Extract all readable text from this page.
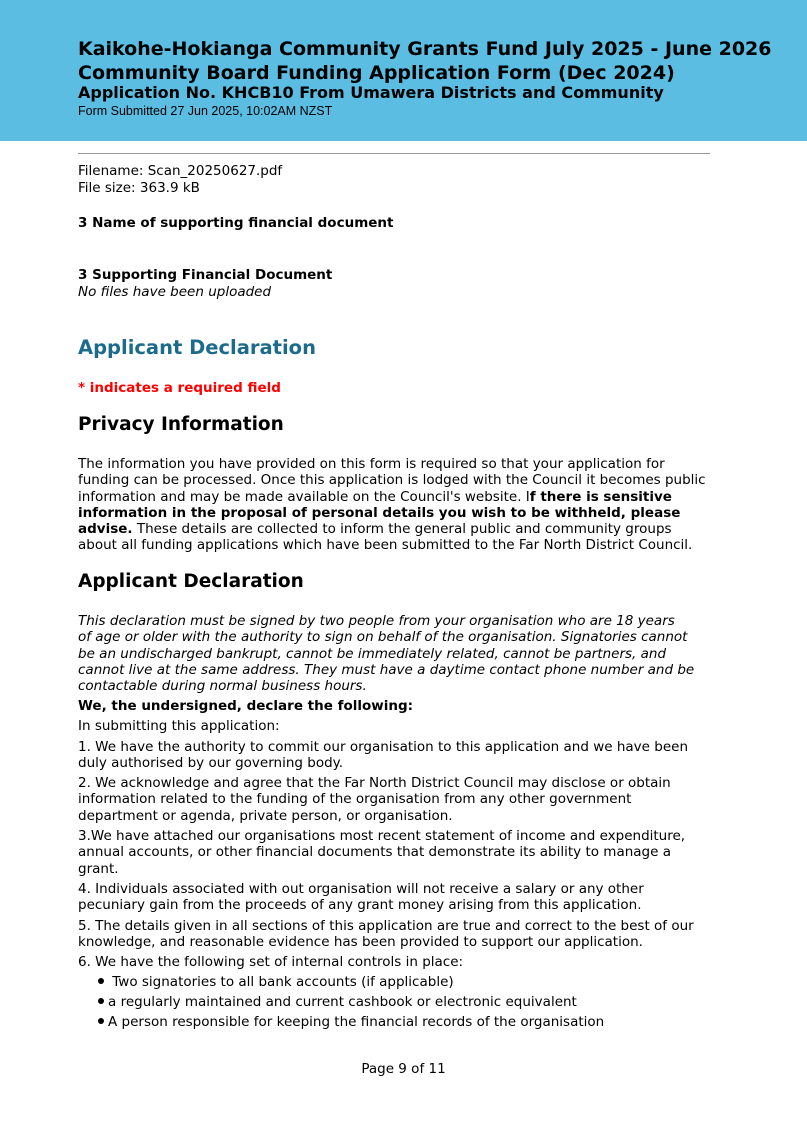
Kaikohe-Hokianga Community Grants Fund July 2025 - June 2026
Community Board Funding Application Form (Dec 2024)
Application No. KHCB10 From Umawera Districts and Community
Form Submitted 27 Jun 2025, 10:02AM NZST
Filename: Scan_20250627.pdf
File size: 363.9 kB
3 Name of supporting financial document
3 Supporting Financial Document
No files have been uploaded
Applicant Declaration
* indicates a required field
Privacy Information
The information you have provided on this form is required so that your application for
funding can be processed. Once this application is lodged with the Council it becomes public
information and may be made available on the Council's website. If there is sensitive
information in the proposal of personal details you wish to be withheld, please
advise. These details are collected to inform the general public and community groups
about all funding applications which have been submitted to the Far North District Council.
Applicant Declaration
This declaration must be signed by two people from your organisation who are 18 years
of age or older with the authority to sign on behalf of the organisation. Signatories cannot
be an undischarged bankrupt, cannot be immediately related, cannot be partners, and
cannot live at the same address. They must have a daytime contact phone number and be
contactable during normal business hours.
We, the undersigned, declare the following:
In submitting this application:
1. We have the authority to commit our organisation to this application and we have been
duly authorised by our governing body.
2. We acknowledge and agree that the Far North District Council may disclose or obtain
information related to the funding of the organisation from any other government
department or agenda, private person, or organisation.
3.We have attached our organisations most recent statement of income and expenditure,
annual accounts, or other financial documents that demonstrate its ability to manage a
grant.
4. Individuals associated with out organisation will not receive a salary or any other
pecuniary gain from the proceeds of any grant money arising from this application.
5. The details given in all sections of this application are true and correct to the best of our
knowledge, and reasonable evidence has been provided to support our application.
6. We have the following set of internal controls in place:
Two signatories to all bank accounts (if applicable)
a regularly maintained and current cashbook or electronic equivalent
A person responsible for keeping the financial records of the organisation
Page 9 of 11
